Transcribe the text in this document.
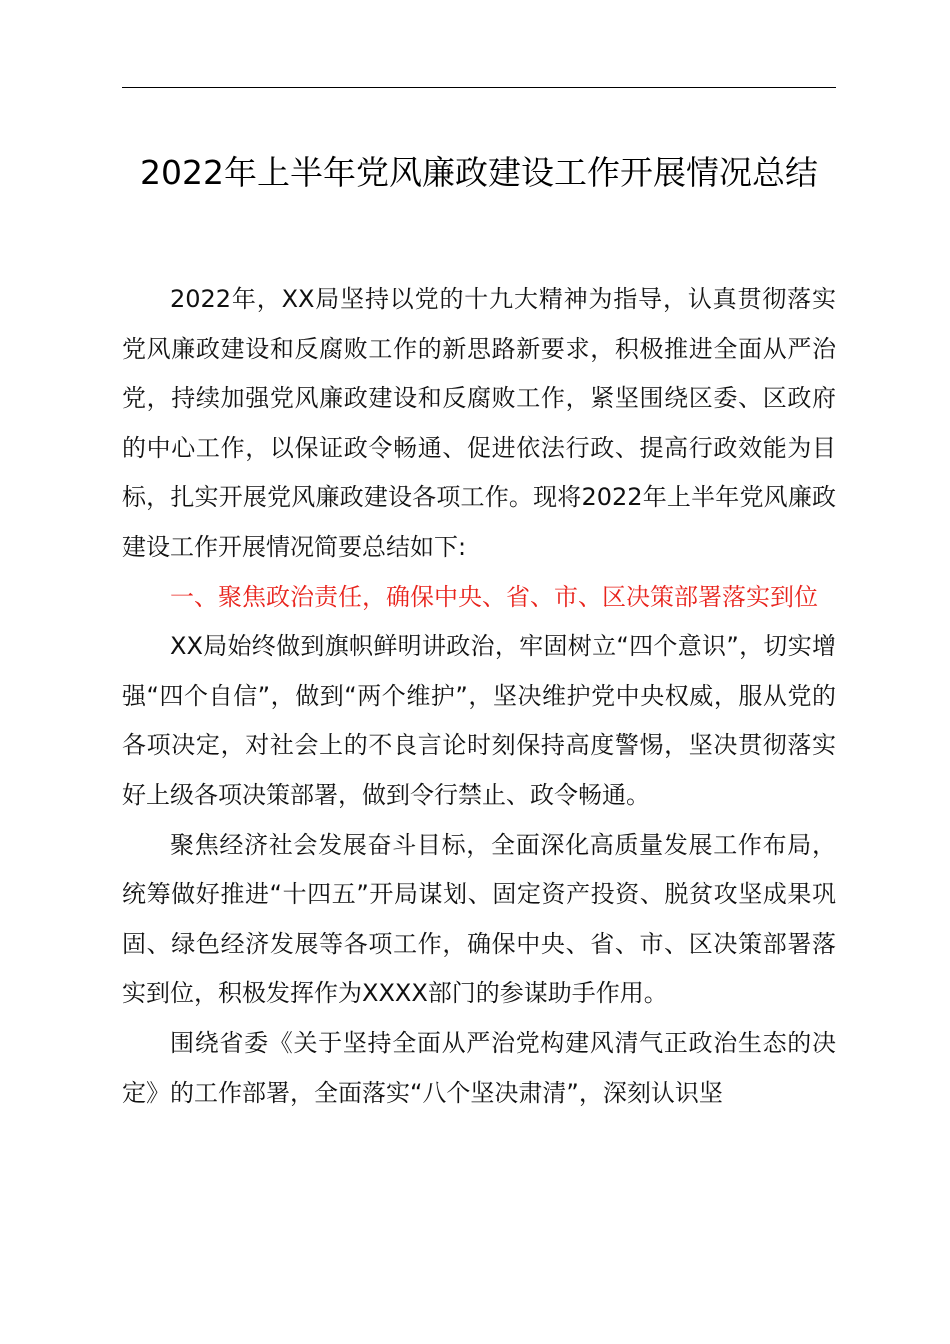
2022年上半年党风廉政建设工作开展情况总结

2022年，XX局坚持以党的十九大精神为指导，认真贯彻落实党风廉政建设和反腐败工作的新思路新要求，积极推进全面从严治党，持续加强党风廉政建设和反腐败工作，紧坚围绕区委、区政府的中心工作，以保证政令畅通、促进依法行政、提高行政效能为目标，扎实开展党风廉政建设各项工作。现将2022年上半年党风廉政建设工作开展情况简要总结如下:

一、聚焦政治责任，确保中央、省、市、区决策部署落实到位

XX局始终做到旗帜鲜明讲政治，牢固树立“四个意识”，切实增强“四个自信”，做到“两个维护”，坚决维护党中央权威，服从党的各项决定，对社会上的不良言论时刻保持高度警惕，坚决贯彻落实好上级各项决策部署，做到令行禁止、政令畅通。

聚焦经济社会发展奋斗目标，全面深化高质量发展工作布局，统筹做好推进“十四五”开局谋划、固定资产投资、脱贫攻坚成果巩固、绿色经济发展等各项工作，确保中央、省、市、区决策部署落实到位，积极发挥作为XXXX部门的参谋助手作用。

围绕省委《关于坚持全面从严治党构建风清气正政治生态的决定》的工作部署，全面落实“八个坚决肃清”，深刻认识坚
